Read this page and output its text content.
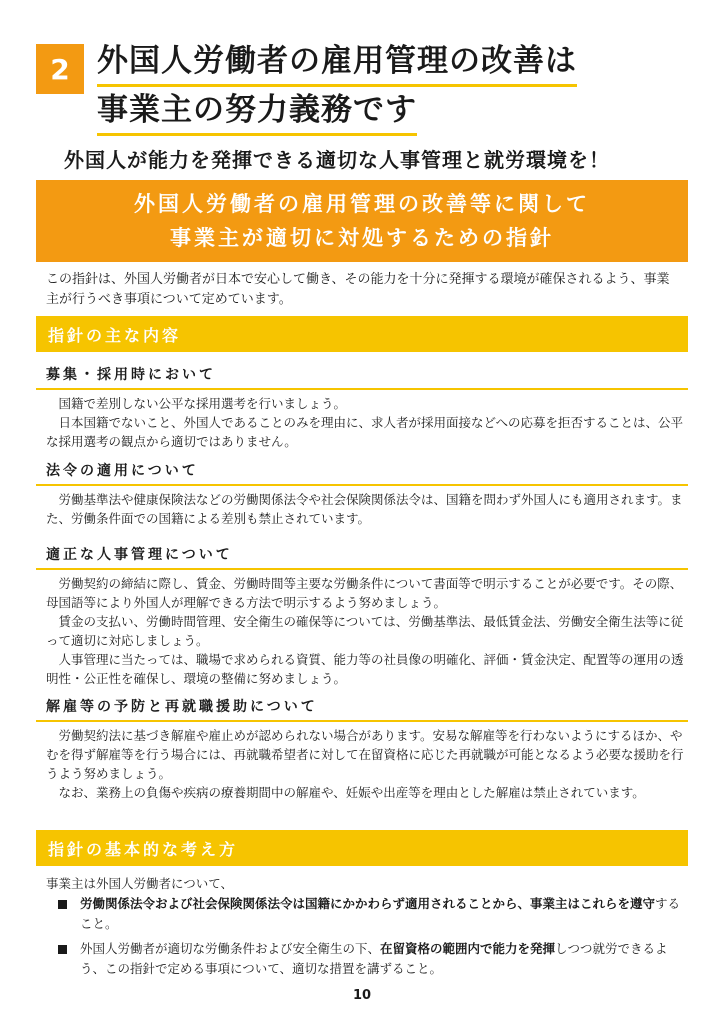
2 外国人労働者の雇用管理の改善は
事業主の努力義務です
外国人が能力を発揮できる適切な人事管理と就労環境を！
外国人労働者の雇用管理の改善等に関して
事業主が適切に対処するための指針
この指針は、外国人労働者が日本で安心して働き、その能力を十分に発揮する環境が確保されるよう、事業主が行うべき事項について定めています。
指針の主な内容
募集・採用時において

国籍で差別しない公平な採用選考を行いましょう。

日本国籍でないこと、外国人であることのみを理由に、求人者が採用面接などへの応募を拒否することは、公平な採用選考の観点から適切ではありません。

法令の適用について

労働基準法や健康保険法などの労働関係法令や社会保険関係法令は、国籍を問わず外国人にも適用されます。また、労働条件面での国籍による差別も禁止されています。

適正な人事管理について

労働契約の締結に際し、賃金、労働時間等主要な労働条件について書面等で明示することが必要です。その際、母国語等により外国人が理解できる方法で明示するよう努めましょう。

賃金の支払い、労働時間管理、安全衛生の確保等については、労働基準法、最低賃金法、労働安全衛生法等に従って適切に対応しましょう。

人事管理に当たっては、職場で求められる資質、能力等の社員像の明確化、評価・賃金決定、配置等の運用の透明性・公正性を確保し、環境の整備に努めましょう。

解雇等の予防と再就職援助について

労働契約法に基づき解雇や雇止めが認められない場合があります。安易な解雇等を行わないようにするほか、やむを得ず解雇等を行う場合には、再就職希望者に対して在留資格に応じた再就職が可能となるよう必要な援助を行うよう努めましょう。

なお、業務上の負傷や疾病の療養期間中の解雇や、妊娠や出産等を理由とした解雇は禁止されています。

指針の基本的な考え方
事業主は外国人労働者について、
労働関係法令および社会保険関係法令は国籍にかかわらず適用されることから、事業主はこれらを遵守すること。
外国人労働者が適切な労働条件および安全衛生の下、在留資格の範囲内で能力を発揮しつつ就労できるよう、この指針で定める事項について、適切な措置を講ずること。
10
